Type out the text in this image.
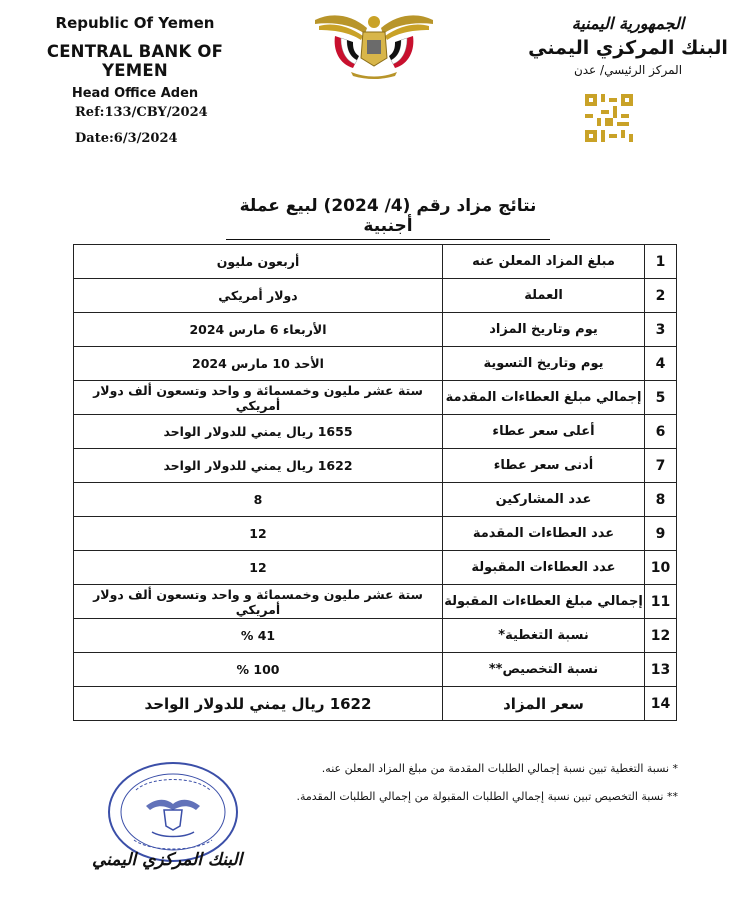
Republic Of Yemen
CENTRAL BANK OF YEMEN
Head Office Aden
Ref:133/CBY/2024
Date:6/3/2024
الجمهورية اليمنية
البنك المركزي اليمني
المركز الرئيسي/ عدن
نتائج مزاد رقم (4/ 2024) لبيع عملة أجنبية
1	مبلغ المزاد المعلن عنه	أربعون مليون
2	العملة	دولار أمريكي
3	يوم وتاريخ المزاد	الأربعاء 6 مارس 2024
4	يوم وتاريخ التسوية	الأحد 10 مارس 2024
5	إجمالي مبلغ العطاءات المقدمة	ستة عشر مليون وخمسمائة و واحد وتسعون ألف دولار أمريكي
6	أعلى سعر عطاء	1655 ريال يمني للدولار الواحد
7	أدنى سعر عطاء	1622 ريال يمني للدولار الواحد
8	عدد المشاركين	8
9	عدد العطاءات المقدمة	12
10	عدد العطاءات المقبولة	12
11	إجمالي مبلغ العطاءات المقبولة	ستة عشر مليون وخمسمائة و واحد وتسعون ألف دولار أمريكي
12	نسبة التغطية*	41 %
13	نسبة التخصيص**	100 %
14	سعر المزاد	1622 ريال يمني للدولار الواحد
* نسبة التغطية تبين نسبة إجمالي الطلبات المقدمة من مبلغ المزاد المعلن عنه.
** نسبة التخصيص تبين نسبة إجمالي الطلبات المقبولة من إجمالي الطلبات المقدمة.
البنك المركزي اليمني
